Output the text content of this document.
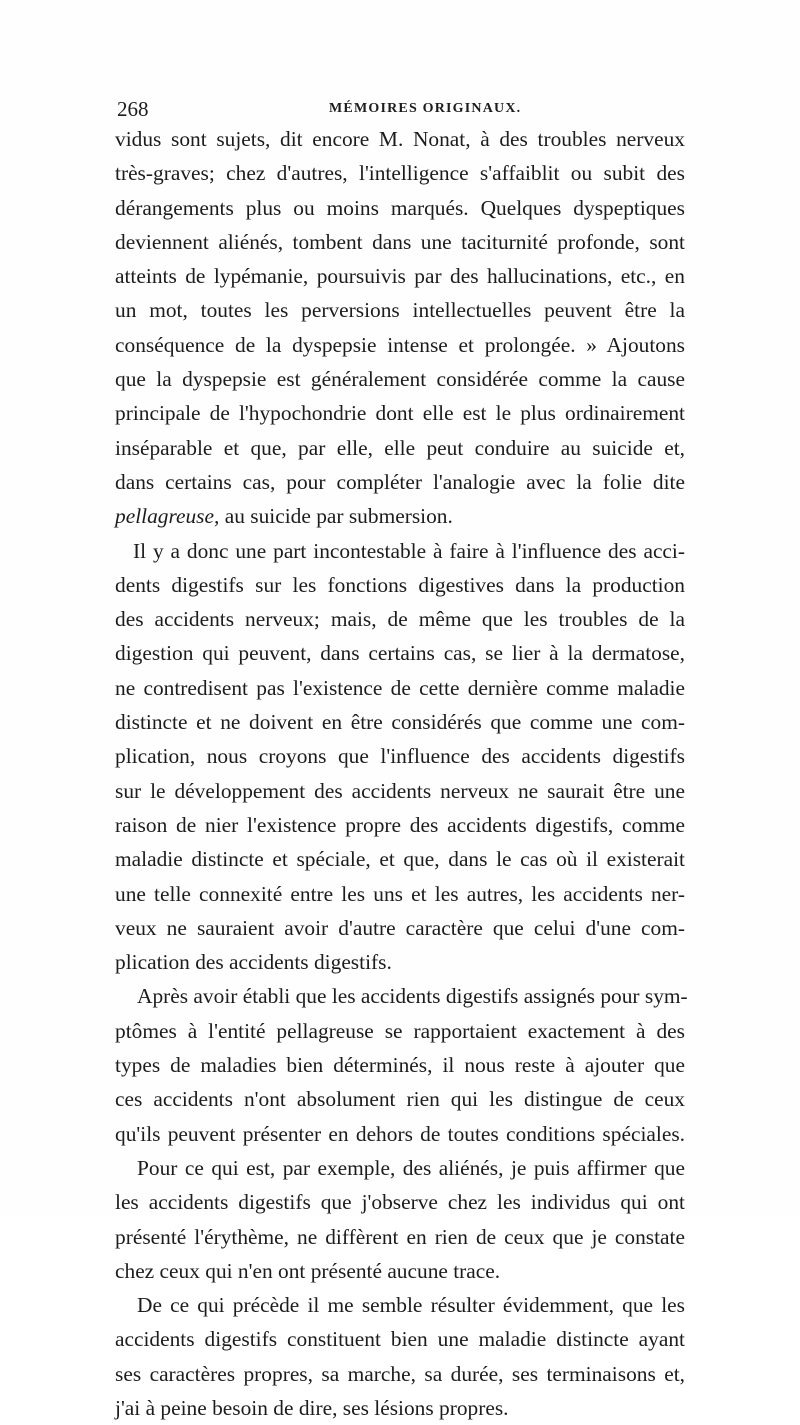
268	MÉMOIRES ORIGINAUX.
vidus sont sujets, dit encore M. Nonat, à des troubles nerveux
très-graves; chez d'autres, l'intelligence s'affaiblit ou subit des
dérangements plus ou moins marqués. Quelques dyspeptiques
deviennent aliénés, tombent dans une taciturnité profonde, sont
atteints de lypémanie, poursuivis par des hallucinations, etc., en
un mot, toutes les perversions intellectuelles peuvent être la
conséquence de la dyspepsie intense et prolongée. » Ajoutons
que la dyspepsie est généralement considérée comme la cause
principale de l'hypochondrie dont elle est le plus ordinairement
inséparable et que, par elle, elle peut conduire au suicide et,
dans certains cas, pour compléter l'analogie avec la folie dite
pellagreuse, au suicide par submersion.
Il y a donc une part incontestable à faire à l'influence des acci-
dents digestifs sur les fonctions digestives dans la production
des accidents nerveux; mais, de même que les troubles de la
digestion qui peuvent, dans certains cas, se lier à la dermatose,
ne contredisent pas l'existence de cette dernière comme maladie
distincte et ne doivent en être considérés que comme une com-
plication, nous croyons que l'influence des accidents digestifs
sur le développement des accidents nerveux ne saurait être une
raison de nier l'existence propre des accidents digestifs, comme
maladie distincte et spéciale, et que, dans le cas où il existerait
une telle connexité entre les uns et les autres, les accidents ner-
veux ne sauraient avoir d'autre caractère que celui d'une com-
plication des accidents digestifs.
Après avoir établi que les accidents digestifs assignés pour sym-
ptômes à l'entité pellagreuse se rapportaient exactement à des
types de maladies bien déterminés, il nous reste à ajouter que
ces accidents n'ont absolument rien qui les distingue de ceux
qu'ils peuvent présenter en dehors de toutes conditions spéciales.
Pour ce qui est, par exemple, des aliénés, je puis affirmer que
les accidents digestifs que j'observe chez les individus qui ont
présenté l'érythème, ne diffèrent en rien de ceux que je constate
chez ceux qui n'en ont présenté aucune trace.
De ce qui précède il me semble résulter évidemment, que les
accidents digestifs constituent bien une maladie distincte ayant
ses caractères propres, sa marche, sa durée, ses terminaisons et,
j'ai à peine besoin de dire, ses lésions propres.
